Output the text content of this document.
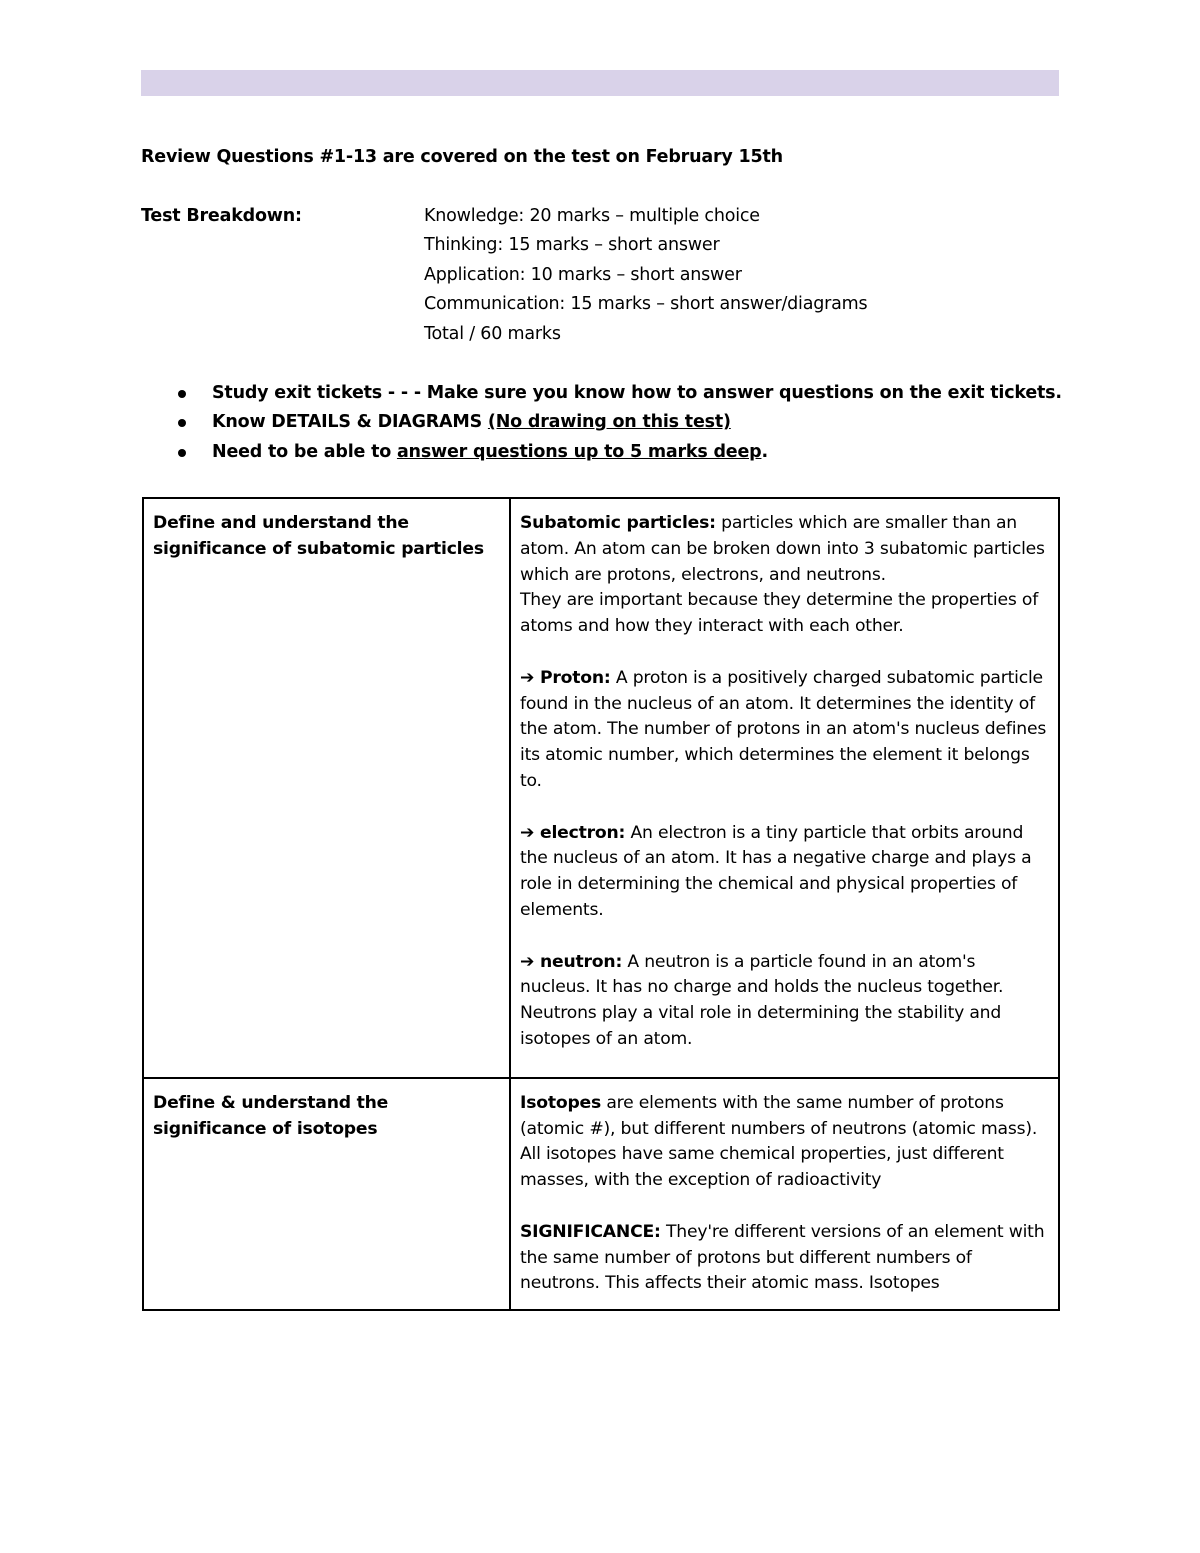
Review Questions #1-13 are covered on the test on February 15th

Test Breakdown:	Knowledge: 20 marks – multiple choice
Thinking: 15 marks – short answer
Application: 10 marks – short answer
Communication: 15 marks – short answer/diagrams
Total / 60 marks
Study exit tickets - - - Make sure you know how to answer questions on the exit tickets.
Know DETAILS & DIAGRAMS (No drawing on this test)
Need to be able to answer questions up to 5 marks deep.
Define and understand the significance of subatomic particles	Subatomic particles: particles which are smaller than an atom. An atom can be broken down into 3 subatomic particles which are protons, electrons, and neutrons.
They are important because they determine the properties of atoms and how they interact with each other.

➔ Proton: A proton is a positively charged subatomic particle found in the nucleus of an atom. It determines the identity of the atom. The number of protons in an atom's nucleus defines its atomic number, which determines the element it belongs to.

➔ electron: An electron is a tiny particle that orbits around the nucleus of an atom. It has a negative charge and plays a role in determining the chemical and physical properties of elements.

➔ neutron: A neutron is a particle found in an atom's nucleus. It has no charge and holds the nucleus together. Neutrons play a vital role in determining the stability and isotopes of an atom.

Define & understand the significance of isotopes	Isotopes are elements with the same number of protons (atomic #), but different numbers of neutrons (atomic mass). All isotopes have same chemical properties, just different masses, with the exception of radioactivity

SIGNIFICANCE: They're different versions of an element with the same number of protons but different numbers of neutrons. This affects their atomic mass. Isotopes
